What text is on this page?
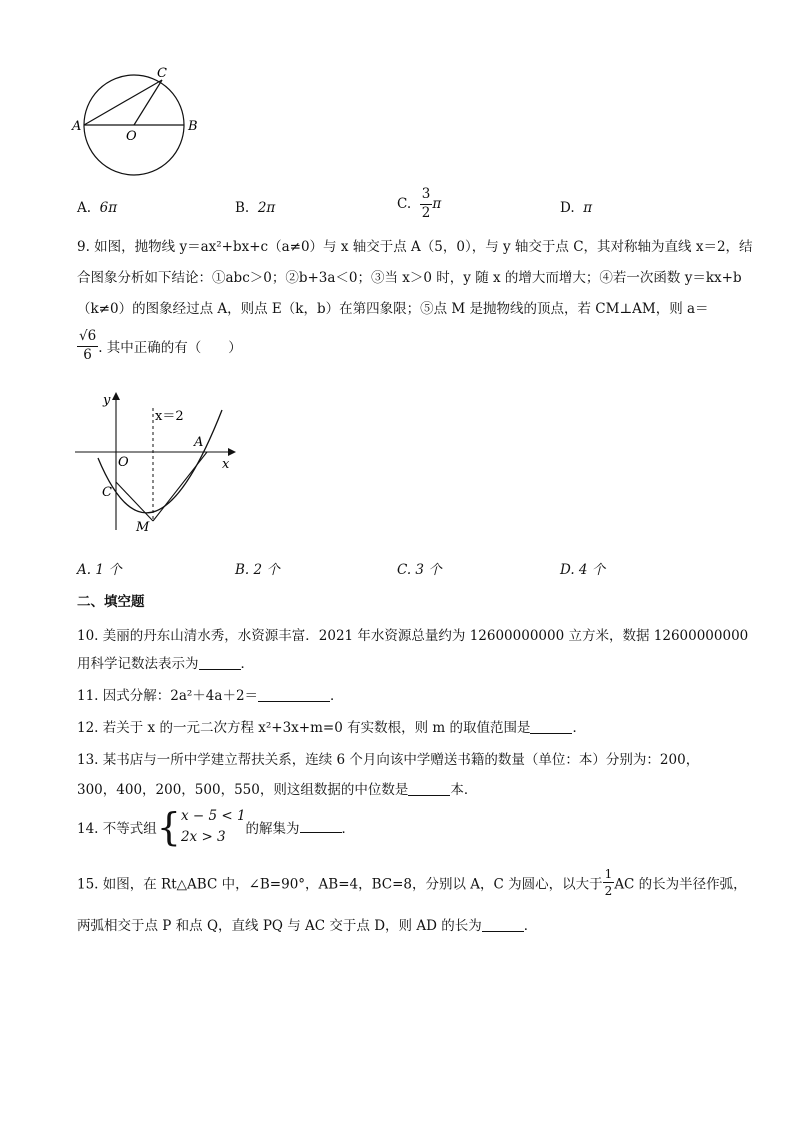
C
A
O
B
A. 6π	B. 2π	C. $\frac{3}{2}$ π	D. π
9. 如图，抛物线 y＝ax²+bx+c（a≠0）与 x 轴交于点 A（5，0），与 y 轴交于点 C，其对称轴为直线 x＝2，结
合图象分析如下结论：①abc＞0；②b+3a＜0；③当 x＞0 时，y 随 x 的增大而增大；④若一次函数 y＝kx+b
（k≠0）的图象经过点 A，则点 E（k，b）在第四象限；⑤点 M 是抛物线的顶点，若 CM⊥AM，则 a＝
$\frac{√6}{6}$ . 其中正确的有（　　）
y
x
x＝2
A
O
C
M
A. 1 个	B. 2 个	C. 3 个	D. 4 个
二、填空题
10. 美丽的丹东山清水秀，水资源丰富．2021 年水资源总量约为 12600000000 立方米，数据 12600000000
用科学记数法表示为	．
11. 因式分解：2a²＋4a＋2＝	．
12. 若关于 x 的一元二次方程 x²+3x+m=0 有实数根，则 m 的取值范围是	．
13. 某书店与一所中学建立帮扶关系，连续 6 个月向该中学赠送书籍的数量（单位：本）分别为：200，
300，400，200，500，550，则这组数据的中位数是	本．
14. 不等式组{x − 5 < 1
2x > 3 的解集为	．
15. 如图，在 Rt△ABC 中，∠B=90°，AB=4，BC=8，分别以 A，C 为圆心，以大于 $\frac{1}{2}$ AC 的长为半径作弧，
两弧相交于点 P 和点 Q，直线 PQ 与 AC 交于点 D，则 AD 的长为	．
